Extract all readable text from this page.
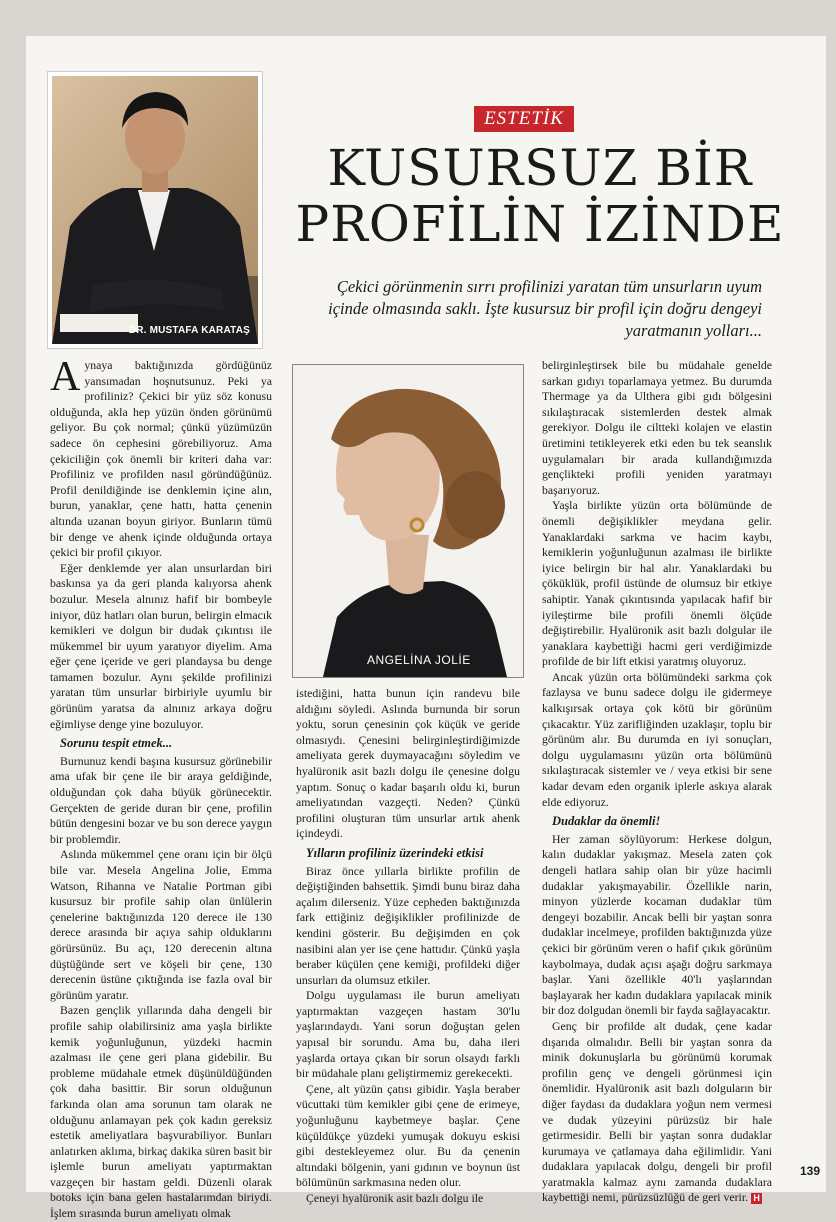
DR. MUSTAFA KARATAŞ
ESTETİK
KUSURSUZ BİR
PROFİLİN İZİNDE
Çekici görünmenin sırrı profilinizi yaratan tüm unsurların uyum içinde olmasında saklı. İşte kusursuz bir profil için doğru dengeyi yaratmanın yolları...

Aynaya baktığınızda gördüğünüz yansımadan hoşnutsunuz. Peki ya profiliniz? Çekici bir yüz söz konusu olduğunda, akla hep yüzün önden görünümü geliyor. Bu çok normal; çünkü yüzümüzün sadece ön cephesini görebiliyoruz. Ama çekiciliğin çok önemli bir kriteri daha var: Profiliniz ve profilden nasıl göründüğünüz. Profil denildiğinde ise denklemin içine alın, burun, yanaklar, çene hattı, hatta çenenin altında uzanan boyun giriyor. Bunların tümü bir denge ve ahenk içinde olduğunda ortaya çekici bir profil çıkıyor.

Eğer denklemde yer alan unsurlardan biri baskınsa ya da geri planda kalıyorsa ahenk bozulur. Mesela alnınız hafif bir bombeyle iniyor, düz hatları olan burun, belirgin elmacık kemikleri ve dolgun bir dudak çıkıntısı ile mükemmel bir uyum yaratıyor diyelim. Ama eğer çene içeride ve geri plandaysa bu denge tamamen bozulur. Aynı şekilde profilinizi yaratan tüm unsurlar birbiriyle uyumlu bir görünüm yaratsa da alnınız arkaya doğru eğimliyse denge yine bozuluyor.

Sorunu tespit etmek...

Burnunuz kendi başına kusursuz görünebilir ama ufak bir çene ile bir araya geldiğinde, olduğundan çok daha büyük görünecektir. Gerçekten de geride duran bir çene, profilin bütün dengesini bozar ve bu son derece yaygın bir problemdir.

Aslında mükemmel çene oranı için bir ölçü bile var. Mesela Angelina Jolie, Emma Watson, Rihanna ve Natalie Portman gibi kusursuz bir profile sahip olan ünlülerin çenelerine baktığınızda 120 derece ile 130 derece arasında bir açıya sahip olduklarını görürsünüz. Bu açı, 120 derecenin altına düştüğünde sert ve köşeli bir çene, 130 derecenin üstüne çıktığında ise fazla oval bir görünüm yaratır.

Bazen gençlik yıllarında daha dengeli bir profile sahip olabilirsiniz ama yaşla birlikte kemik yoğunluğunun, yüzdeki hacmin azalması ile çene geri plana gidebilir. Bu probleme müdahale etmek düşünüldüğünden çok daha basittir. Bir sorun olduğunun farkında olan ama sorunun tam olarak ne olduğunu anlamayan pek çok kadın gereksiz estetik ameliyatlara başvurabiliyor. Bunları anlatırken aklıma, birkaç dakika süren basit bir işlemle burun ameliyatı yaptırmaktan vazgeçen bir hastam geldi. Düzenli olarak botoks için bana gelen hastalarımdan biriydi. İşlem sırasında burun ameliyatı olmak

ANGELİNA JOLİE

istediğini, hatta bunun için randevu bile aldığını söyledi. Aslında burnunda bir sorun yoktu, sorun çenesinin çok küçük ve geride olmasıydı. Çenesini belirginleştirdiğimizde ameliyata gerek duymayacağını söyledim ve hyalüronik asit bazlı dolgu ile çenesine dolgu yaptım. Sonuç o kadar başarılı oldu ki, burun ameliyatından vazgeçti. Neden? Çünkü profilini oluşturan tüm unsurlar artık ahenk içindeydi.

Yılların profiliniz üzerindeki etkisi

Biraz önce yıllarla birlikte profilin de değiştiğinden bahsettik. Şimdi bunu biraz daha açalım dilerseniz. Yüze cepheden baktığınızda fark ettiğiniz değişiklikler profilinizde de kendini gösterir. Bu değişimden en çok nasibini alan yer ise çene hattıdır. Çünkü yaşla beraber küçülen çene kemiği, profildeki diğer unsurları da olumsuz etkiler.

Dolgu uygulaması ile burun ameliyatı yaptırmaktan vazgeçen hastam 30'lu yaşlarındaydı. Yani sorun doğuştan gelen yapısal bir sorundu. Ama bu, daha ileri yaşlarda ortaya çıkan bir sorun olsaydı farklı bir müdahale planı geliştirmemiz gerekecekti.

Çene, alt yüzün çatısı gibidir. Yaşla beraber vücuttaki tüm kemikler gibi çene de erimeye, yoğunluğunu kaybetmeye başlar. Çene küçüldükçe yüzdeki yumuşak dokuyu eskisi gibi destekleyemez olur. Bu da çenenin altındaki bölgenin, yani gıdının ve boynun üst bölümünün sarkmasına neden olur.

Çeneyi hyalüronik asit bazlı dolgu ile

belirginleştirsek bile bu müdahale genelde sarkan gıdıyı toparlamaya yetmez. Bu durumda Thermage ya da Ulthera gibi gıdı bölgesini sıkılaştıracak sistemlerden destek almak gerekiyor. Dolgu ile ciltteki kolajen ve elastin üretimini tetikleyerek etki eden bu tek seanslık uygulamaları bir arada kullandığımızda gençlikteki profili yeniden yaratmayı başarıyoruz.

Yaşla birlikte yüzün orta bölümünde de önemli değişiklikler meydana gelir. Yanaklardaki sarkma ve hacim kaybı, kemiklerin yoğunluğunun azalması ile birlikte iyice belirgin bir hal alır. Yanaklardaki bu çöküklük, profil üstünde de olumsuz bir etkiye sahiptir. Yanak çıkıntısında yapılacak hafif bir iyileştirme bile profili önemli ölçüde değiştirebilir. Hyalüronik asit bazlı dolgular ile yanaklara kaybettiği hacmi geri verdiğimizde profilde de bir lift etkisi yaratmış oluyoruz.

Ancak yüzün orta bölümündeki sarkma çok fazlaysa ve bunu sadece dolgu ile gidermeye kalkışırsak ortaya çok kötü bir görünüm çıkacaktır. Yüz zarifliğinden uzaklaşır, toplu bir görünüm alır. Bu durumda en iyi sonuçları, dolgu uygulamasını yüzün orta bölümünü sıkılaştıracak sistemler ve / veya etkisi bir sene kadar devam eden organik iplerle askıya alarak elde ediyoruz.

Dudaklar da önemli!

Her zaman söylüyorum: Herkese dolgun, kalın dudaklar yakışmaz. Mesela zaten çok dengeli hatlara sahip olan bir yüze hacimli dudaklar yakışmayabilir. Özellikle narin, minyon yüzlerde kocaman dudaklar tüm dengeyi bozabilir. Ancak belli bir yaştan sonra dudaklar incelmeye, profilden baktığınızda yüze çekici bir görünüm veren o hafif çıkık görünüm kaybolmaya, dudak açısı aşağı doğru sarkmaya başlar. Yani özellikle 40'lı yaşlarından başlayarak her kadın dudaklara yapılacak minik bir doz dolgudan önemli bir fayda sağlayacaktır.

Genç bir profilde alt dudak, çene kadar dışarıda olmalıdır. Belli bir yaştan sonra da minik dokunuşlarla bu görünümü korumak profilin genç ve dengeli görünmesi için önemlidir. Hyalüronik asit bazlı dolguların bir diğer faydası da dudaklara yoğun nem vermesi ve dudak yüzeyini pürüzsüz bir hale getirmesidir. Belli bir yaştan sonra dudaklar kurumaya ve çatlamaya daha eğilimlidir. Yani dudaklara yapılacak dolgu, dengeli bir profil yaratmakla kalmaz aynı zamanda dudaklara kaybettiği nemi, pürüzsüzlüğü de geri verir. H

139
